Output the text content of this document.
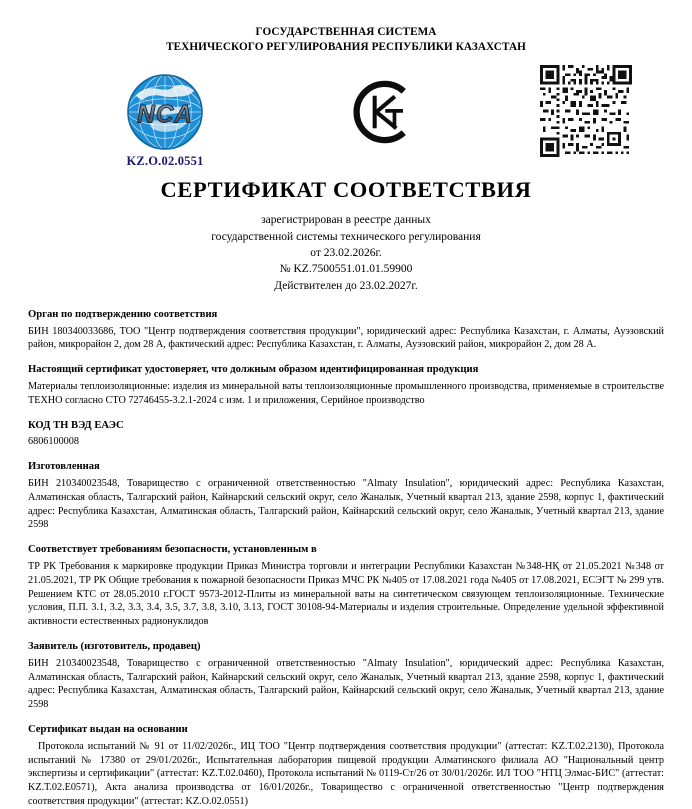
ГОСУДАРСТВЕННАЯ СИСТЕМА
ТЕХНИЧЕСКОГО РЕГУЛИРОВАНИЯ РЕСПУБЛИКИ КАЗАХСТАН
NCA
KZ.O.02.0551
СЕРТИФИКАТ СООТВЕТСТВИЯ
зарегистрирован в реестре данных
государственной системы технического регулирования
от 23.02.2026г.
№ KZ.7500551.01.01.59900
Действителен до 23.02.2027г.
Орган по подтверждению соответствия
БИН 180340033686, ТОО "Центр подтверждения соответствия продукции", юридический адрес: Республика Казахстан, г. Алматы, Ауэзовский район, микрорайон 2, дом 28 А, фактический адрес: Республика Казахстан, г. Алматы, Ауэзовский район, микрорайон 2, дом 28 А.
Настоящий сертификат удостоверяет, что должным образом идентифицированная продукция
Материалы теплоизоляционные: изделия из минеральной ваты теплоизоляционные промышленного производства, применяемые в строительстве ТЕХНО согласно СТО 72746455-3.2.1-2024 с изм. 1 и приложения, Серийное производство
КОД ТН ВЭД ЕАЭС
6806100008
Изготовленная
БИН 210340023548, Товарищество с ограниченной ответственностью "Almaty Insulation", юридический адрес: Республика Казахстан, Алматинская область, Талгарский район, Кайнарский сельский округ, село Жаналык, Учетный квартал 213, здание 2598, корпус 1, фактический адрес: Республика Казахстан, Алматинская область, Талгарский район, Кайнарский сельский округ, село Жаналык, Учетный квартал 213, здание 2598
Соответствует требованиям безопасности, установленным в
ТР РК Требования к маркировке продукции Приказ Министра торговли и интеграции Республики Казахстан №348-НҚ от 21.05.2021 №348 от 21.05.2021, ТР РК Общие требования к пожарной безопасности Приказ МЧС РК №405 от 17.08.2021 года №405 от 17.08.2021, ЕСЭГТ № 299 утв. Решением КТС от 28.05.2010 г.ГОСТ 9573-2012-Плиты из минеральной ваты на синтетическом связующем теплоизоляционные. Технические условия, П.П. 3.1, 3.2, 3.3, 3.4, 3.5, 3.7, 3.8, 3.10, 3.13, ГОСТ 30108-94-Материалы и изделия строительные. Определение удельной эффективной активности естественных радионуклидов
Заявитель (изготовитель, продавец)
БИН 210340023548, Товарищество с ограниченной ответственностью "Almaty Insulation", юридический адрес: Республика Казахстан, Алматинская область, Талгарский район, Кайнарский сельский округ, село Жаналык, Учетный квартал 213, здание 2598, корпус 1, фактический адрес: Республика Казахстан, Алматинская область, Талгарский район, Кайнарский сельский округ, село Жаналык, Учетный квартал 213, здание 2598
Сертификат выдан на основании
Протокола испытаний № 91 от 11/02/2026г., ИЦ ТОО "Центр подтверждения соответствия продукции" (аттестат: KZ.Т.02.2130), Протокола испытаний № 17380 от 29/01/2026г., Испытательная лаборатория пищевой продукции Алматинского филиала АО "Национальный центр экспертизы и сертификации" (аттестат: KZ.Т.02.0460), Протокола испытаний № 0119-Ст/26 от 30/01/2026г. ИЛ ТОО "НТЦ Элмас-БИС" (аттестат: KZ.Т.02.Е0571), Акта анализа производства от 16/01/2026г., Товарищество с ограниченной ответственностью "Центр подтверждения соответствия продукции" (аттестат: KZ.O.02.0551)
